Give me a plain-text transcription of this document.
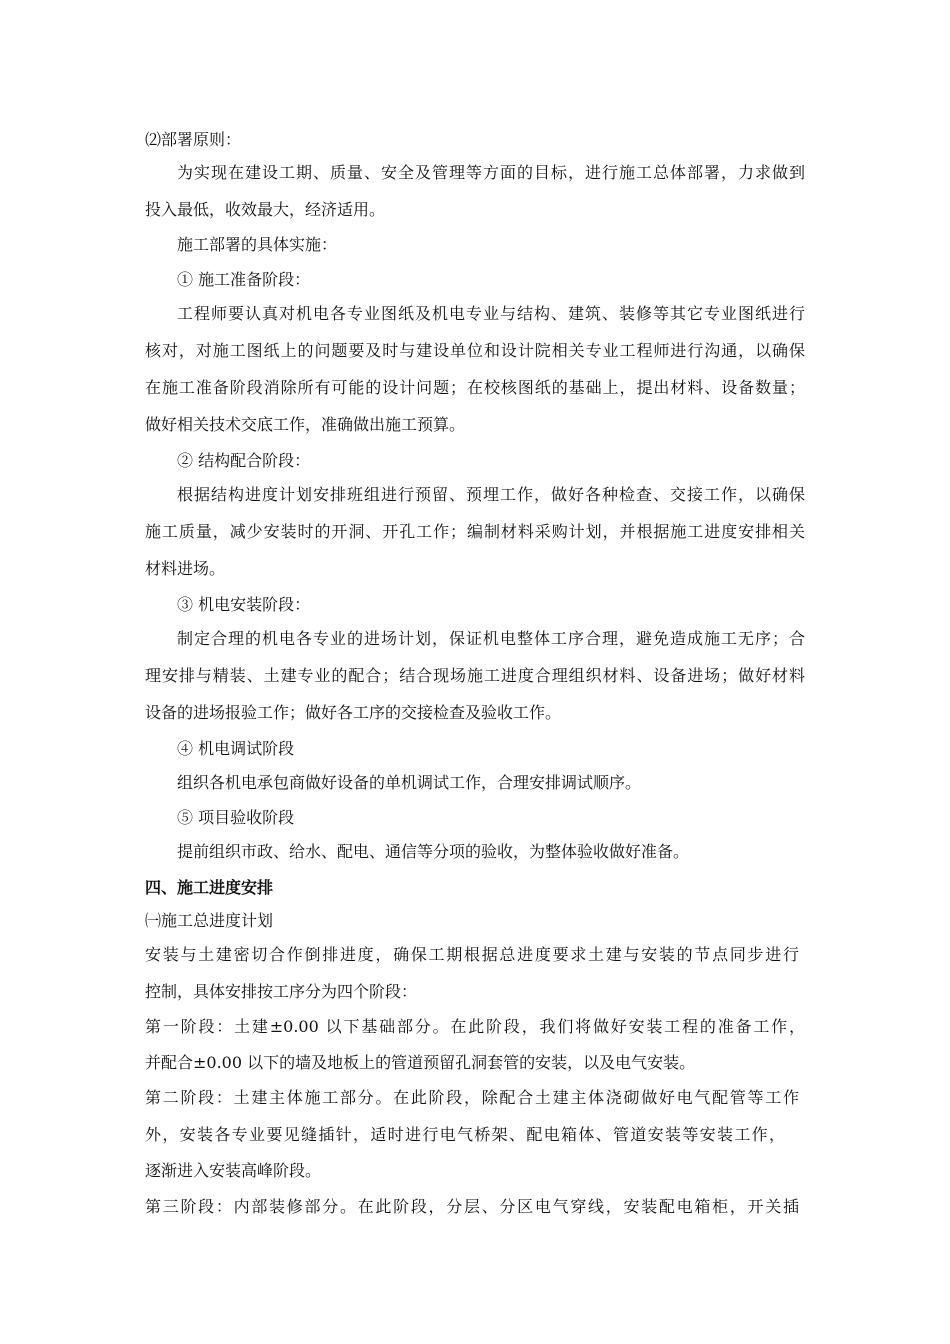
⑵部署原则：
为实现在建设工期、质量、安全及管理等方面的目标，进行施工总体部署，力求做到
投入最低，收效最大，经济适用。
施工部署的具体实施：
① 施工准备阶段：
工程师要认真对机电各专业图纸及机电专业与结构、建筑、装修等其它专业图纸进行
核对，对施工图纸上的问题要及时与建设单位和设计院相关专业工程师进行沟通，以确保
在施工准备阶段消除所有可能的设计问题；在校核图纸的基础上，提出材料、设备数量；
做好相关技术交底工作，准确做出施工预算。
② 结构配合阶段：
根据结构进度计划安排班组进行预留、预埋工作，做好各种检查、交接工作，以确保
施工质量，减少安装时的开洞、开孔工作；编制材料采购计划，并根据施工进度安排相关
材料进场。
③ 机电安装阶段：
制定合理的机电各专业的进场计划，保证机电整体工序合理，避免造成施工无序；合
理安排与精装、土建专业的配合；结合现场施工进度合理组织材料、设备进场；做好材料
设备的进场报验工作；做好各工序的交接检查及验收工作。
④ 机电调试阶段
组织各机电承包商做好设备的单机调试工作，合理安排调试顺序。
⑤ 项目验收阶段
提前组织市政、给水、配电、通信等分项的验收，为整体验收做好准备。
四、施工进度安排
㈠施工总进度计划
安装与土建密切合作倒排进度，确保工期根据总进度要求土建与安装的节点同步进行
控制，具体安排按工序分为四个阶段：
第一阶段：土建±0.00 以下基础部分。在此阶段，我们将做好安装工程的准备工作，
并配合±0.00 以下的墙及地板上的管道预留孔洞套管的安装，以及电气安装。
第二阶段：土建主体施工部分。在此阶段，除配合土建主体浇砌做好电气配管等工作
外，安装各专业要见缝插针，适时进行电气桥架、配电箱体、管道安装等安装工作，
逐渐进入安装高峰阶段。
第三阶段：内部装修部分。在此阶段，分层、分区电气穿线，安装配电箱柜，开关插
